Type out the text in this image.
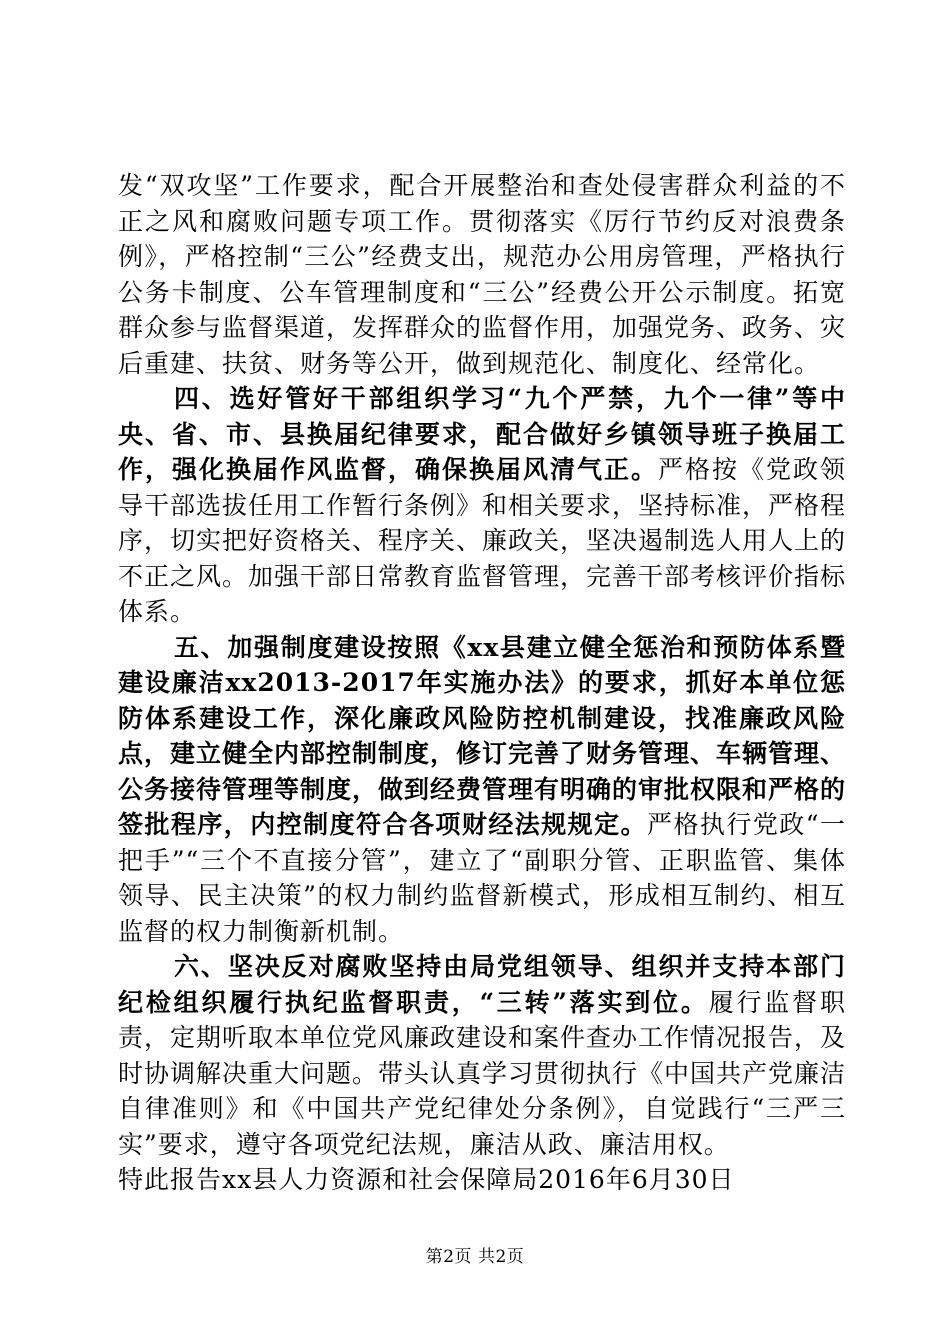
发“双攻坚”工作要求，配合开展整治和查处侵害群众利益的不正之风和腐败问题专项工作。贯彻落实《厉行节约反对浪费条例》，严格控制“三公”经费支出，规范办公用房管理，严格执行公务卡制度、公车管理制度和“三公”经费公开公示制度。拓宽群众参与监督渠道，发挥群众的监督作用，加强党务、政务、灾后重建、扶贫、财务等公开，做到规范化、制度化、经常化。

四、选好管好干部组织学习“九个严禁，九个一律”等中央、省、市、县换届纪律要求，配合做好乡镇领导班子换届工作，强化换届作风监督，确保换届风清气正。严格按《党政领导干部选拔任用工作暂行条例》和相关要求，坚持标准，严格程序，切实把好资格关、程序关、廉政关，坚决遏制选人用人上的不正之风。加强干部日常教育监督管理，完善干部考核评价指标体系。

五、加强制度建设按照《xx县建立健全惩治和预防体系暨建设廉洁xx2013-2017年实施办法》的要求，抓好本单位惩防体系建设工作，深化廉政风险防控机制建设，找准廉政风险点，建立健全内部控制制度，修订完善了财务管理、车辆管理、公务接待管理等制度，做到经费管理有明确的审批权限和严格的签批程序，内控制度符合各项财经法规规定。严格执行党政“一把手”“三个不直接分管”，建立了“副职分管、正职监管、集体领导、民主决策”的权力制约监督新模式，形成相互制约、相互监督的权力制衡新机制。

六、坚决反对腐败坚持由局党组领导、组织并支持本部门纪检组织履行执纪监督职责，“三转”落实到位。履行监督职责，定期听取本单位党风廉政建设和案件查办工作情况报告，及时协调解决重大问题。带头认真学习贯彻执行《中国共产党廉洁自律准则》和《中国共产党纪律处分条例》，自觉践行“三严三实”要求，遵守各项党纪法规，廉洁从政、廉洁用权。

特此报告xx县人力资源和社会保障局2016年6月30日

第2页 共2页
